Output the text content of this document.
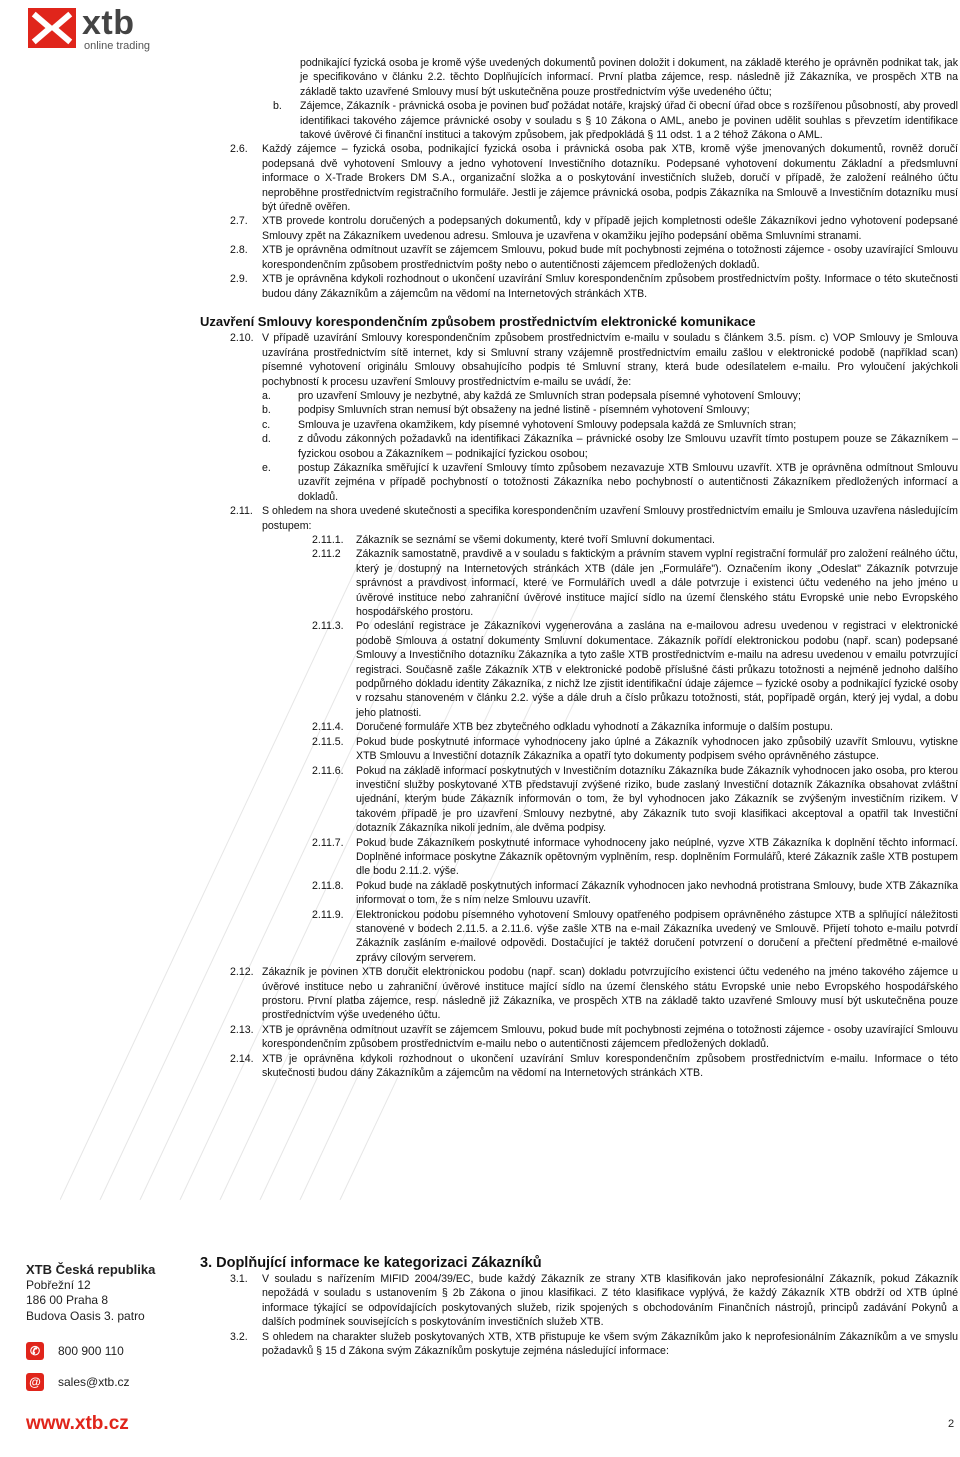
xtb
online trading
podnikající fyzická osoba je kromě výše uvedených dokumentů povinen doložit i dokument, na základě kterého je oprávněn podnikat tak, jak je specifikováno v článku 2.2. těchto Doplňujících informací. První platba zájemce, resp. následně již Zákazníka, ve prospěch XTB na základě takto uzavřené Smlouvy musí být uskutečněna pouze prostřednictvím výše uvedeného účtu;
b. Zájemce, Zákazník - právnická osoba je povinen buď požádat notáře, krajský úřad či obecní úřad obce s rozšířenou působností, aby provedl identifikaci takového zájemce právnické osoby v souladu s § 10 Zákona o AML, anebo je povinen udělit souhlas s převzetím identifikace takové úvěrové či finanční instituci a takovým způsobem, jak předpokládá § 11 odst. 1 a 2 téhož Zákona o AML.
2.6. Každý zájemce – fyzická osoba, podnikající fyzická osoba i právnická osoba pak XTB, kromě výše jmenovaných dokumentů, rovněž doručí podepsaná dvě vyhotovení Smlouvy a jedno vyhotovení Investičního dotazníku. Podepsané vyhotovení dokumentu Základní a předsmluvní informace o X-Trade Brokers DM S.A., organizační složka a o poskytování investičních služeb, doručí v případě, že založení reálného účtu neproběhne prostřednictvím registračního formuláře. Jestli je zájemce právnická osoba, podpis Zákazníka na Smlouvě a Investičním dotazníku musí být úředně ověřen.
2.7. XTB provede kontrolu doručených a podepsaných dokumentů, kdy v případě jejich kompletnosti odešle Zákazníkovi jedno vyhotovení podepsané Smlouvy zpět na Zákazníkem uvedenou adresu. Smlouva je uzavřena v okamžiku jejího podepsání oběma Smluvními stranami.
2.8. XTB je oprávněna odmítnout uzavřít se zájemcem Smlouvu, pokud bude mít pochybnosti zejména o totožnosti zájemce - osoby uzavírající Smlouvu korespondenčním způsobem prostřednictvím pošty nebo o autentičnosti zájemcem předložených dokladů.
2.9. XTB je oprávněna kdykoli rozhodnout o ukončení uzavírání Smluv korespondenčním způsobem prostřednictvím pošty. Informace o této skutečnosti budou dány Zákazníkům a zájemcům na vědomí na Internetových stránkách XTB.
Uzavření Smlouvy korespondenčním způsobem prostřednictvím elektronické komunikace
2.10. V případě uzavírání Smlouvy korespondenčním způsobem prostřednictvím e-mailu v souladu s článkem 3.5. písm. c) VOP Smlouvy je Smlouva uzavírána prostřednictvím sítě internet, kdy si Smluvní strany vzájemně prostřednictvím emailu zašlou v elektronické podobě (například scan) písemné vyhotovení originálu Smlouvy obsahujícího podpis té Smluvní strany, která bude odesílatelem e-mailu. Pro vyloučení jakýchkoli pochybností k procesu uzavření Smlouvy prostřednictvím e-mailu se uvádí, že:
a.	pro uzavření Smlouvy je nezbytné, aby každá ze Smluvních stran podepsala písemné vyhotovení Smlouvy;
b.	podpisy Smluvních stran nemusí být obsaženy na jedné listině - písemném vyhotovení Smlouvy;
c.	Smlouva je uzavřena okamžikem, kdy písemné vyhotovení Smlouvy podepsala každá ze Smluvních stran;
d.	z důvodu zákonných požadavků na identifikaci Zákazníka – právnické osoby lze Smlouvu uzavřít tímto postupem pouze se Zákazníkem – fyzickou osobou a Zákazníkem – podnikající fyzickou osobou;
e.	postup Zákazníka směřující k uzavření Smlouvy tímto způsobem nezavazuje XTB Smlouvu uzavřít. XTB je oprávněna odmítnout Smlouvu uzavřít zejména v případě pochybností o totožnosti Zákazníka nebo pochybností o autentičnosti Zákazníkem předložených informací a dokladů.
2.11. S ohledem na shora uvedené skutečnosti a specifika korespondenčním uzavření Smlouvy prostřednictvím emailu je Smlouva uzavřena následujícím postupem:
2.11.1. Zákazník se seznámí se všemi dokumenty, které tvoří Smluvní dokumentaci.
2.11.2 Zákazník samostatně, pravdivě a v souladu s faktickým a právním stavem vyplní registrační formulář pro založení reálného účtu, který je dostupný na Internetových stránkách XTB (dále jen „Formuláře"). Označením ikony „Odeslat" Zákazník potvrzuje správnost a pravdivost informací, které ve Formulářích uvedl a dále potvrzuje i existenci účtu vedeného na jeho jméno u úvěrové instituce nebo zahraniční úvěrové instituce mající sídlo na území členského státu Evropské unie nebo Evropského hospodářského prostoru.
2.11.3. Po odeslání registrace je Zákazníkovi vygenerována a zaslána na e-mailovou adresu uvedenou v registraci v elektronické podobě Smlouva a ostatní dokumenty Smluvní dokumentace. Zákazník pořídí elektronickou podobu (např. scan) podepsané Smlouvy a Investičního dotazníku Zákazníka a tyto zašle XTB prostřednictvím e-mailu na adresu uvedenou v emailu potvrzující registraci. Současně zašle Zákazník XTB v elektronické podobě příslušné části průkazu totožnosti a nejméně jednoho dalšího podpůrného dokladu identity Zákazníka, z nichž lze zjistit identifikační údaje zájemce – fyzické osoby a podnikající fyzické osoby v rozsahu stanoveném v článku 2.2. výše a dále druh a číslo průkazu totožnosti, stát, popřípadě orgán, který jej vydal, a dobu jeho platnosti.
2.11.4. Doručené formuláře XTB bez zbytečného odkladu vyhodnotí a Zákazníka informuje o dalším postupu.
2.11.5. Pokud bude poskytnuté informace vyhodnoceny jako úplné a Zákazník vyhodnocen jako způsobilý uzavřít Smlouvu, vytiskne XTB Smlouvu a Investiční dotazník Zákazníka a opatří tyto dokumenty podpisem svého oprávněného zástupce.
2.11.6. Pokud na základě informací poskytnutých v Investičním dotazníku Zákazníka bude Zákazník vyhodnocen jako osoba, pro kterou investiční služby poskytované XTB představují zvýšené riziko, bude zaslaný Investiční dotazník Zákazníka obsahovat zvláštní ujednání, kterým bude Zákazník informován o tom, že byl vyhodnocen jako Zákazník se zvýšeným investičním rizikem. V takovém případě je pro uzavření Smlouvy nezbytné, aby Zákazník tuto svoji klasifikaci akceptoval a opatřil tak Investiční dotazník Zákazníka nikoli jedním, ale dvěma podpisy.
2.11.7. Pokud bude Zákazníkem poskytnuté informace vyhodnoceny jako neúplné, vyzve XTB Zákazníka k doplnění těchto informací. Doplněné informace poskytne Zákazník opětovným vyplněním, resp. doplněním Formulářů, které Zákazník zašle XTB postupem dle bodu 2.11.2. výše.
2.11.8. Pokud bude na základě poskytnutých informací Zákazník vyhodnocen jako nevhodná protistrana Smlouvy, bude XTB Zákazníka informovat o tom, že s ním nelze Smlouvu uzavřít.
2.11.9. Elektronickou podobu písemného vyhotovení Smlouvy opatřeného podpisem oprávněného zástupce XTB a splňující náležitosti stanovené v bodech 2.11.5. a 2.11.6. výše zašle XTB na e-mail Zákazníka uvedený ve Smlouvě. Přijetí tohoto e-mailu potvrdí Zákazník zasláním e-mailové odpovědi. Dostačující je taktéž doručení potvrzení o doručení a přečtení předmětné e-mailové zprávy cílovým serverem.
2.12. Zákazník je povinen XTB doručit elektronickou podobu (např. scan) dokladu potvrzujícího existenci účtu vedeného na jméno takového zájemce u úvěrové instituce nebo u zahraniční úvěrové instituce mající sídlo na území členského státu Evropské unie nebo Evropského hospodářského prostoru. První platba zájemce, resp. následně již Zákazníka, ve prospěch XTB na základě takto uzavřené Smlouvy musí být uskutečněna pouze prostřednictvím výše uvedeného účtu.
2.13. XTB je oprávněna odmítnout uzavřít se zájemcem Smlouvu, pokud bude mít pochybnosti zejména o totožnosti zájemce - osoby uzavírající Smlouvu korespondenčním způsobem prostřednictvím e-mailu nebo o autentičnosti zájemcem předložených dokladů.
2.14. XTB je oprávněna kdykoli rozhodnout o ukončení uzavírání Smluv korespondenčním způsobem prostřednictvím e-mailu. Informace o této skutečnosti budou dány Zákazníkům a zájemcům na vědomí na Internetových stránkách XTB.
3. Doplňující informace ke kategorizaci Zákazníků
3.1. V souladu s nařízením MIFID 2004/39/EC, bude každý Zákazník ze strany XTB klasifikován jako neprofesionální Zákazník, pokud Zákazník nepožádá v souladu s ustanovením § 2b Zákona o jinou klasifikaci. Z této klasifikace vyplývá, že každý Zákazník XTB obdrží od XTB úplné informace týkající se odpovídajících poskytovaných služeb, rizik spojených s obchodováním Finančních nástrojů, principů zadávání Pokynů a dalších podmínek souvisejících s poskytováním investičních služeb XTB.
3.2. S ohledem na charakter služeb poskytovaných XTB, XTB přistupuje ke všem svým Zákazníkům jako k neprofesionálním Zákazníkům a ve smyslu požadavků § 15 d Zákona svým Zákazníkům poskytuje zejména následující informace:
XTB Česká republika
Pobřežní 12
186 00 Praha 8
Budova Oasis 3. patro
✆	800 900 110
@ sales@xtb.cz
www.xtb.cz	2
